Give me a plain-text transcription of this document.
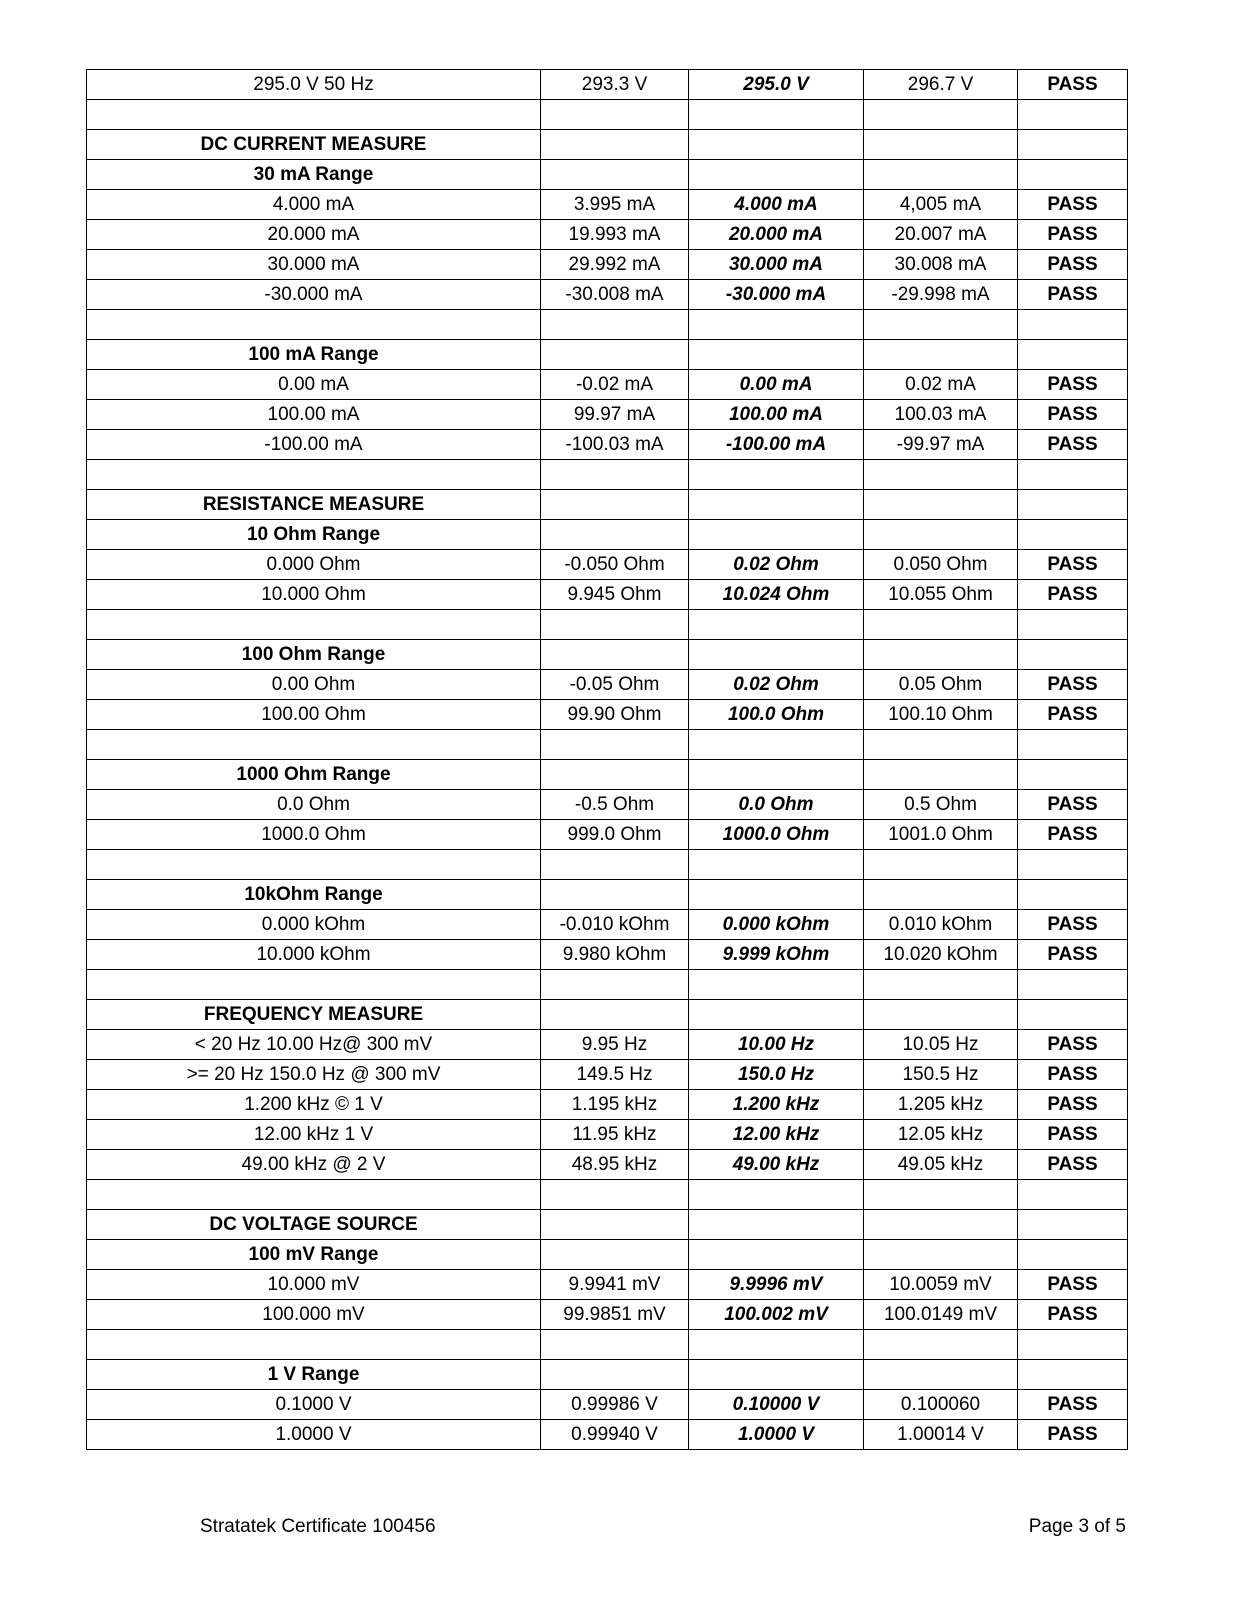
295.0 V 50 Hz	293.3 V	295.0 V	296.7 V	PASS

DC CURRENT MEASURE				
30 mA Range				
4.000 mA	3.995 mA	4.000 mA	4,005 mA	PASS
20.000 mA	19.993 mA	20.000 mA	20.007 mA	PASS
30.000 mA	29.992 mA	30.000 mA	30.008 mA	PASS
-30.000 mA	-30.008 mA	-30.000 mA	-29.998 mA	PASS

100 mA Range				
0.00 mA	-0.02 mA	0.00 mA	0.02 mA	PASS
100.00 mA	99.97 mA	100.00 mA	100.03 mA	PASS
-100.00 mA	-100.03 mA	-100.00 mA	-99.97 mA	PASS

RESISTANCE MEASURE				
10 Ohm Range				
0.000 Ohm	-0.050 Ohm	0.02 Ohm	0.050 Ohm	PASS
10.000 Ohm	9.945 Ohm	10.024 Ohm	10.055 Ohm	PASS

100 Ohm Range				
0.00 Ohm	-0.05 Ohm	0.02 Ohm	0.05 Ohm	PASS
100.00 Ohm	99.90 Ohm	100.0 Ohm	100.10 Ohm	PASS

1000 Ohm Range				
0.0 Ohm	-0.5 Ohm	0.0 Ohm	0.5 Ohm	PASS
1000.0 Ohm	999.0 Ohm	1000.0 Ohm	1001.0 Ohm	PASS

10kOhm Range				
0.000 kOhm	-0.010 kOhm	0.000 kOhm	0.010 kOhm	PASS
10.000 kOhm	9.980 kOhm	9.999 kOhm	10.020 kOhm	PASS

FREQUENCY MEASURE				
< 20 Hz 10.00 Hz@ 300 mV	9.95 Hz	10.00 Hz	10.05 Hz	PASS
>= 20 Hz 150.0 Hz @ 300 mV	149.5 Hz	150.0 Hz	150.5 Hz	PASS
1.200 kHz © 1 V	1.195 kHz	1.200 kHz	1.205 kHz	PASS
12.00 kHz 1 V	11.95 kHz	12.00 kHz	12.05 kHz	PASS
49.00 kHz @ 2 V	48.95 kHz	49.00 kHz	49.05 kHz	PASS

DC VOLTAGE SOURCE				
100 mV Range				
10.000 mV	9.9941 mV	9.9996 mV	10.0059 mV	PASS
100.000 mV	99.9851 mV	100.002 mV	100.0149 mV	PASS

1 V Range				
0.1000 V	0.99986 V	0.10000 V	0.100060	PASS
1.0000 V	0.99940 V	1.0000 V	1.00014 V	PASS
Stratatek Certificate 100456	Page 3 of 5
